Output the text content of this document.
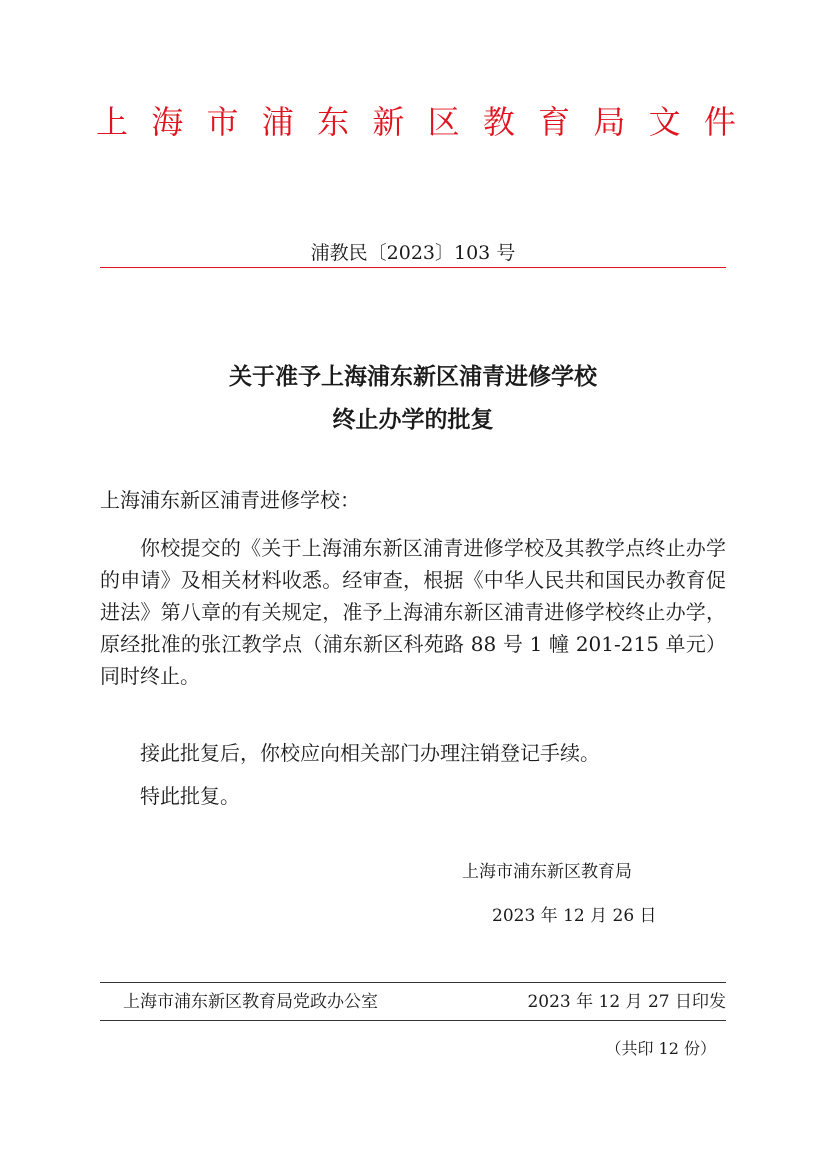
上 海 市 浦 东 新 区 教 育 局 文 件
浦教民〔2023〕103 号
关于准予上海浦东新区浦青进修学校
终止办学的批复
上海浦东新区浦青进修学校：
你校提交的《关于上海浦东新区浦青进修学校及其教学点终止办学的申请》及相关材料收悉。经审查，根据《中华人民共和国民办教育促进法》第八章的有关规定，准予上海浦东新区浦青进修学校终止办学，原经批准的张江教学点（浦东新区科苑路 88 号 1 幢 201-215 单元）同时终止。
接此批复后，你校应向相关部门办理注销登记手续。
特此批复。
上海市浦东新区教育局
2023 年 12 月 26 日
上海市浦东新区教育局党政办公室	2023 年 12 月 27 日印发
（共印 12 份）
